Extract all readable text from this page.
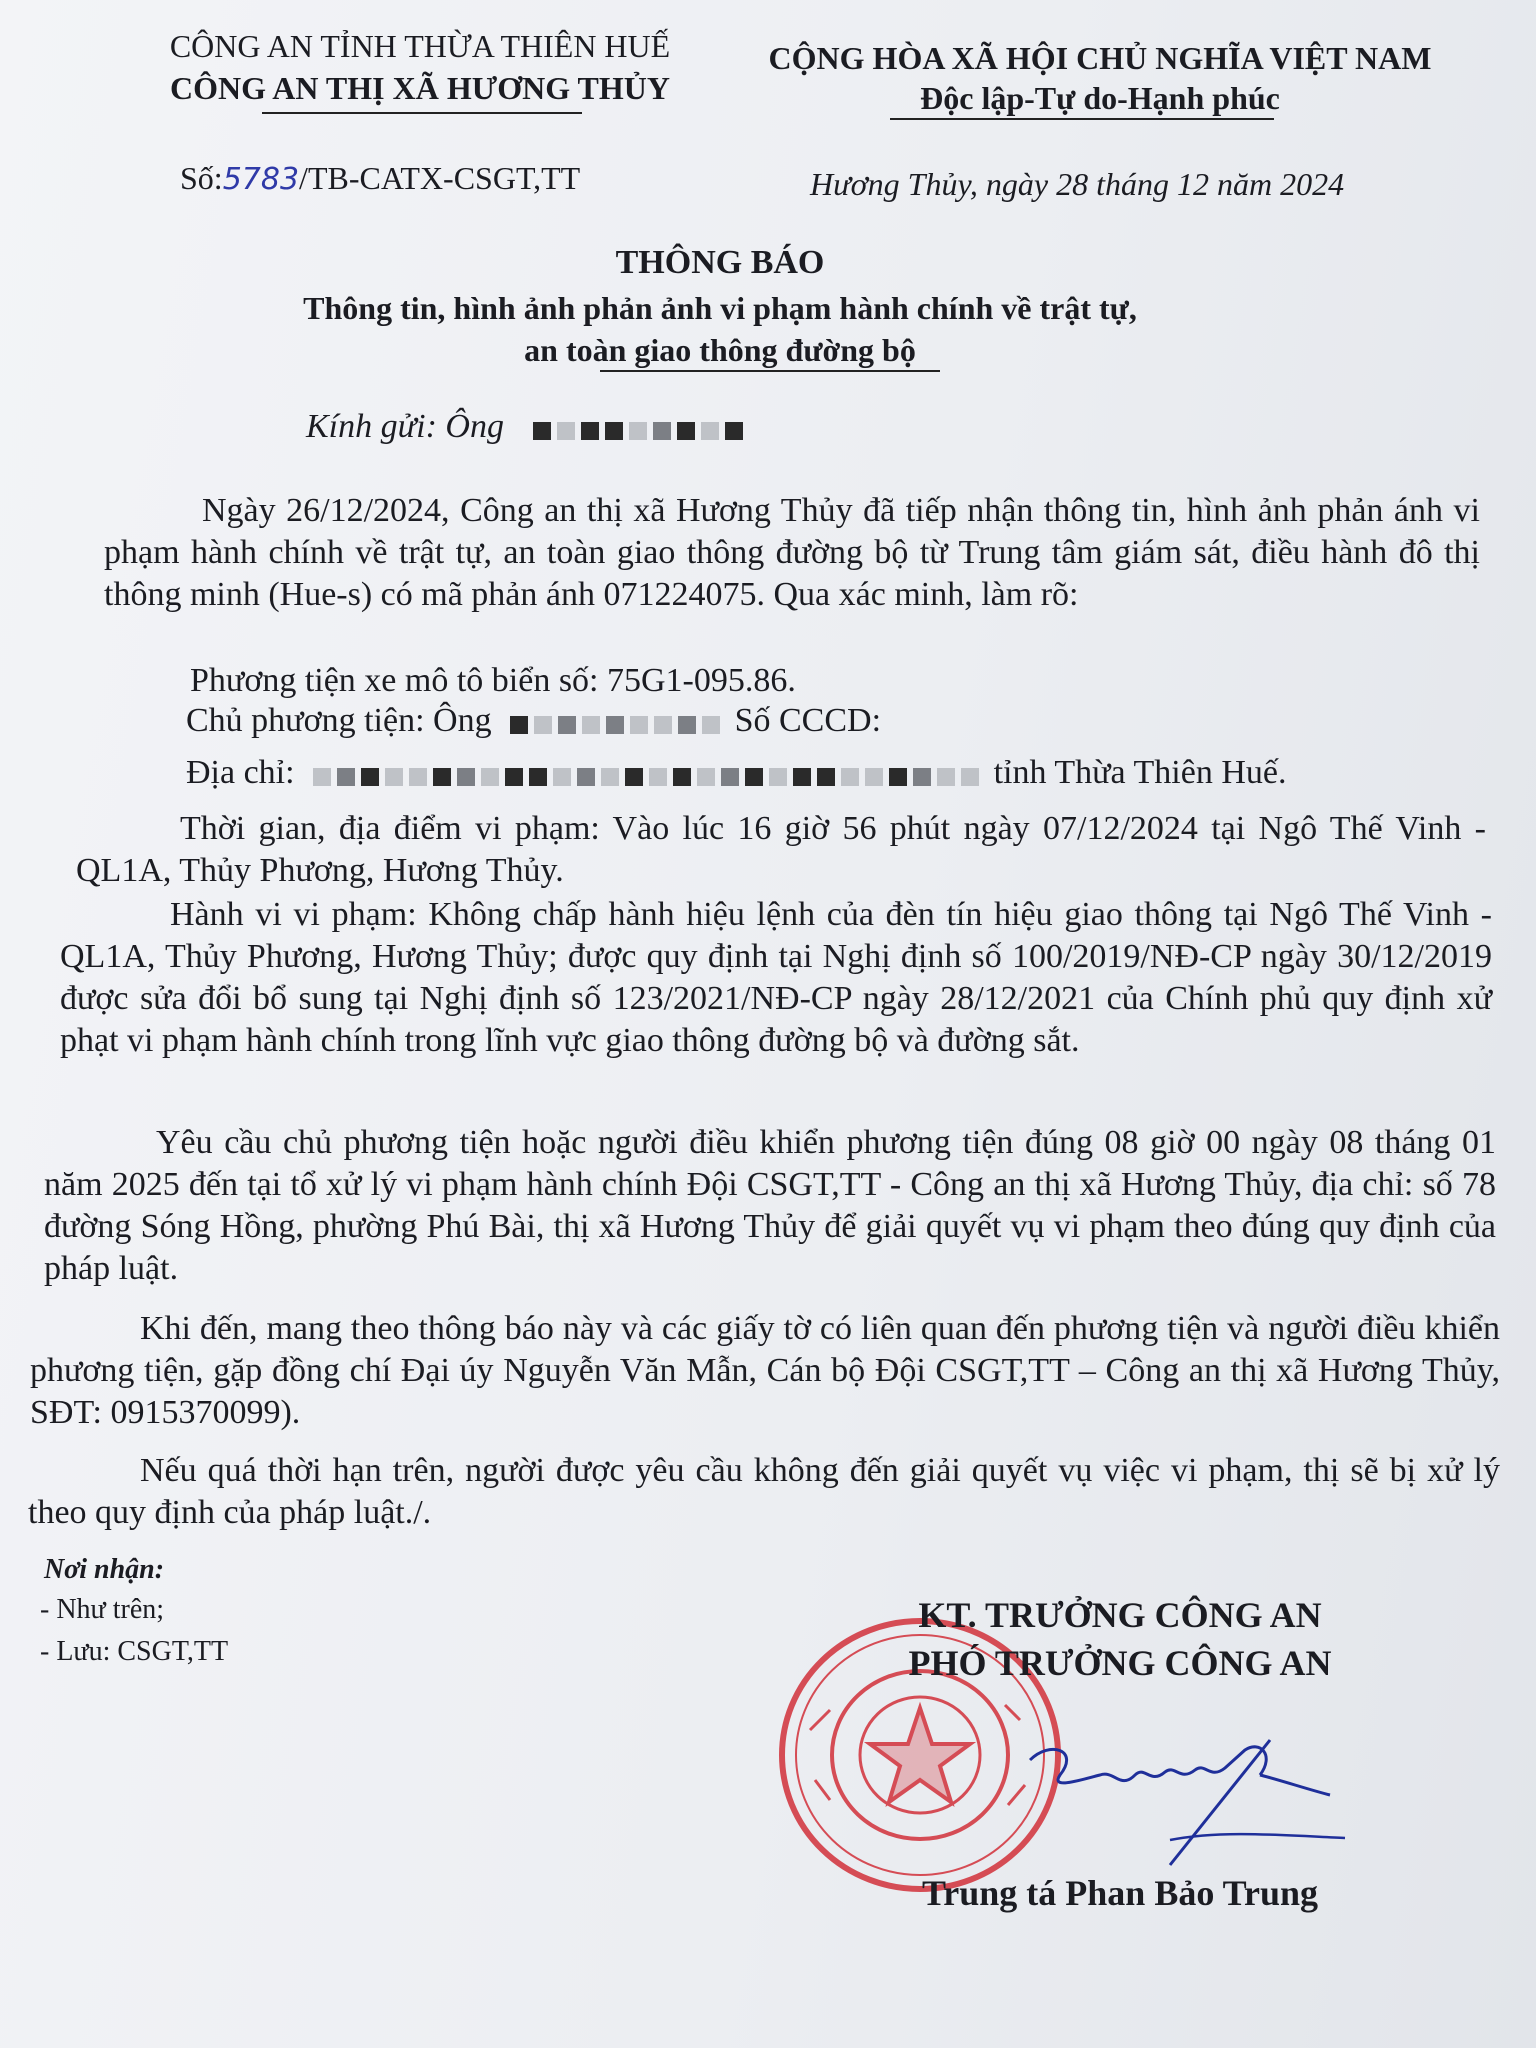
CÔNG AN TỈNH THỪA THIÊN HUẾ
CÔNG AN THỊ XÃ HƯƠNG THỦY
CỘNG HÒA XÃ HỘI CHỦ NGHĨA VIỆT NAM
Độc lập-Tự do-Hạnh phúc
Số:5783/TB-CATX-CSGT,TT	Hương Thủy, ngày 28 tháng 12 năm 2024
THÔNG BÁO
Thông tin, hình ảnh phản ảnh vi phạm hành chính về trật tự,
an toàn giao thông đường bộ
Kính gửi: Ông
Ngày 26/12/2024, Công an thị xã Hương Thủy đã tiếp nhận thông tin, hình ảnh phản ánh vi phạm hành chính về trật tự, an toàn giao thông đường bộ từ Trung tâm giám sát, điều hành đô thị thông minh (Hue-s) có mã phản ánh 071224075. Qua xác minh, làm rõ:
Phương tiện xe mô tô biển số: 75G1-095.86.
Chủ phương tiện: Ông	Số CCCD:
Địa chỉ:	tỉnh Thừa Thiên Huế.
Thời gian, địa điểm vi phạm: Vào lúc 16 giờ 56 phút ngày 07/12/2024 tại Ngô Thế Vinh - QL1A, Thủy Phương, Hương Thủy.
Hành vi vi phạm: Không chấp hành hiệu lệnh của đèn tín hiệu giao thông tại Ngô Thế Vinh - QL1A, Thủy Phương, Hương Thủy; được quy định tại Nghị định số 100/2019/NĐ-CP ngày 30/12/2019 được sửa đổi bổ sung tại Nghị định số 123/2021/NĐ-CP ngày 28/12/2021 của Chính phủ quy định xử phạt vi phạm hành chính trong lĩnh vực giao thông đường bộ và đường sắt.
Yêu cầu chủ phương tiện hoặc người điều khiển phương tiện đúng 08 giờ 00 ngày 08 tháng 01 năm 2025 đến tại tổ xử lý vi phạm hành chính Đội CSGT,TT - Công an thị xã Hương Thủy, địa chỉ: số 78 đường Sóng Hồng, phường Phú Bài, thị xã Hương Thủy để giải quyết vụ vi phạm theo đúng quy định của pháp luật.
Khi đến, mang theo thông báo này và các giấy tờ có liên quan đến phương tiện và người điều khiển phương tiện, gặp đồng chí Đại úy Nguyễn Văn Mẫn, Cán bộ Đội CSGT,TT – Công an thị xã Hương Thủy, SĐT: 0915370099).
Nếu quá thời hạn trên, người được yêu cầu không đến giải quyết vụ việc vi phạm, thị sẽ bị xử lý theo quy định của pháp luật./.
Nơi nhận:
- Như trên;
- Lưu: CSGT,TT
KT. TRƯỞNG CÔNG AN
PHÓ TRƯỞNG CÔNG AN
Trung tá Phan Bảo Trung
